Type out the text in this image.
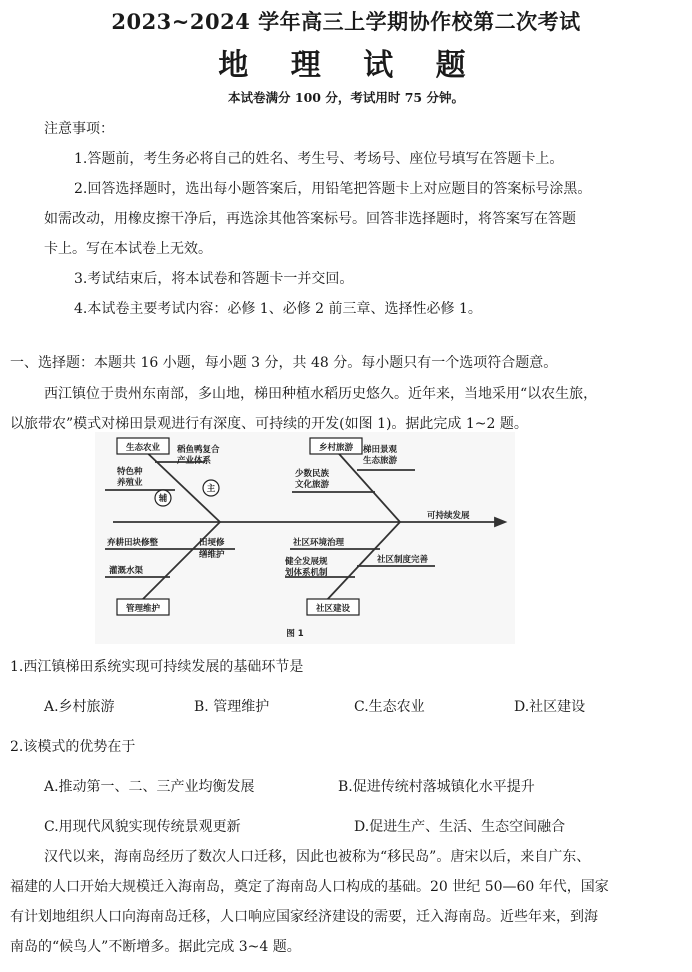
2023~2024 学年高三上学期协作校第二次考试
地 理 试 题
本试卷满分 100 分，考试用时 75 分钟。
注意事项：
1.答题前，考生务必将自己的姓名、考生号、考场号、座位号填写在答题卡上。
2.回答选择题时，选出每小题答案后，用铅笔把答题卡上对应题目的答案标号涂黑。
如需改动，用橡皮擦干净后，再选涂其他答案标号。回答非选择题时，将答案写在答题
卡上。写在本试卷上无效。
3.考试结束后，将本试卷和答题卡一并交回。
4.本试卷主要考试内容：必修 1、必修 2 前三章、选择性必修 1。
一、选择题：本题共 16 小题，每小题 3 分，共 48 分。每小题只有一个选项符合题意。
西江镇位于贵州东南部，多山地，梯田种植水稻历史悠久。近年来，当地采用“以农生旅，
以旅带农”模式对梯田景观进行有深度、可持续的开发(如图 1)。据此完成 1~2 题。
生态农业	乡村旅游
管理维护	社区建设
辅
主
稻鱼鸭复合
产业体系
特色种
养殖业
梯田景观
生态旅游
少数民族
文化旅游
可持续发展
弃耕田块修整	田埂修
缮维护
灌溉水渠
社区环境治理
社区制度完善
健全发展规
划体系机制
图 1
1.西江镇梯田系统实现可持续发展的基础环节是
A.乡村旅游	B. 管理维护	C.生态农业	D.社区建设
2.该模式的优势在于
A.推动第一、二、三产业均衡发展	B.促进传统村落城镇化水平提升
C.用现代风貌实现传统景观更新	D.促进生产、生活、生态空间融合
汉代以来，海南岛经历了数次人口迁移，因此也被称为“移民岛”。唐宋以后，来自广东、
福建的人口开始大规模迁入海南岛，奠定了海南岛人口构成的基础。20 世纪 50—60 年代，国家
有计划地组织人口向海南岛迁移，人口响应国家经济建设的需要，迁入海南岛。近些年来，到海
南岛的“候鸟人”不断增多。据此完成 3~4 题。
